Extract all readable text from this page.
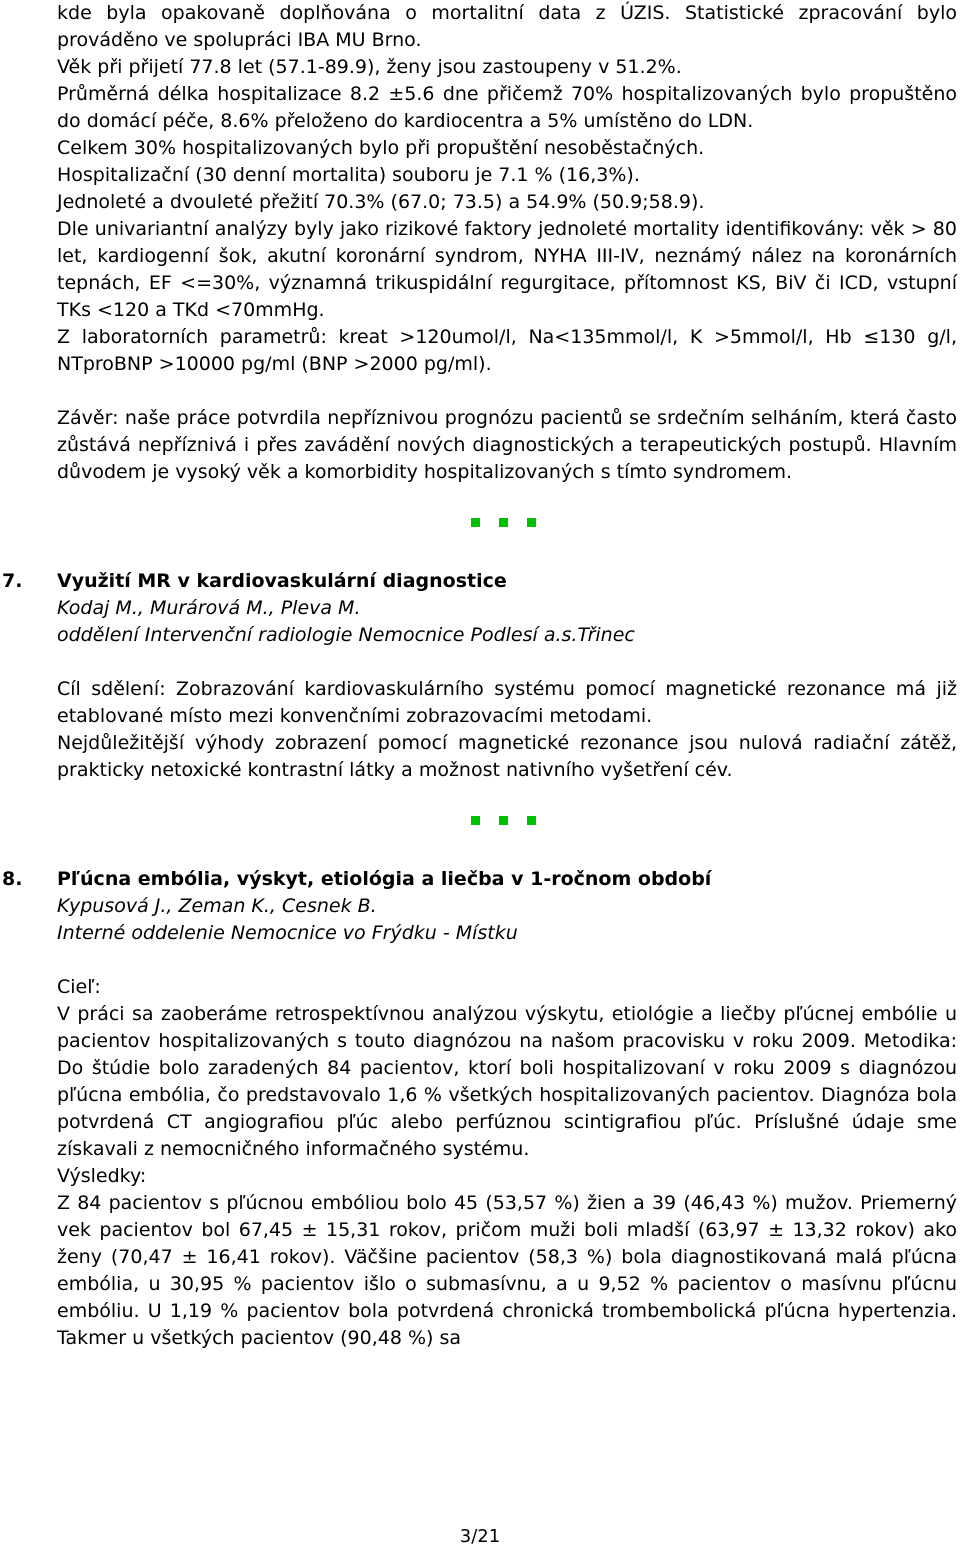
kde byla opakovaně doplňována o mortalitní data z ÚZIS. Statistické zpracování bylo prováděno ve spolupráci IBA MU Brno.

Věk při přijetí 77.8 let (57.1-89.9), ženy jsou zastoupeny v 51.2%.

Průměrná délka hospitalizace 8.2 ±5.6 dne přičemž 70% hospitalizovaných bylo propuštěno do domácí péče, 8.6% přeloženo do kardiocentra a 5% umístěno do LDN.

Celkem 30% hospitalizovaných bylo při propuštění nesoběstačných.

Hospitalizační (30 denní mortalita) souboru je 7.1 % (16,3%).

Jednoleté a dvouleté přežití 70.3% (67.0; 73.5) a 54.9% (50.9;58.9).

Dle univariantní analýzy byly jako rizikové faktory jednoleté mortality identifikovány: věk > 80 let, kardiogenní šok, akutní koronární syndrom, NYHA III-IV, neznámý nález na koronárních tepnách, EF <=30%, významná trikuspidální regurgitace, přítomnost KS, BiV či ICD, vstupní TKs <120 a TKd <70mmHg.

Z laboratorních parametrů: kreat >120umol/l, Na<135mmol/l, K >5mmol/l, Hb ≤130 g/l, NTproBNP >10000 pg/ml (BNP >2000 pg/ml).

Závěr: naše práce potvrdila nepříznivou prognózu pacientů se srdečním selháním, která často zůstává nepříznivá i přes zavádění nových diagnostických a terapeutických postupů. Hlavním důvodem je vysoký věk a komorbidity hospitalizovaných s tímto syndromem.

7.	Využití MR v kardiovaskulární diagnostice

Kodaj M., Murárová M., Pleva M.

oddělení Intervenční radiologie Nemocnice Podlesí a.s.Třinec

Cíl sdělení: Zobrazování kardiovaskulárního systému pomocí magnetické rezonance má již etablované místo mezi konvenčními zobrazovacími metodami.

Nejdůležitější výhody zobrazení pomocí magnetické rezonance jsou nulová radiační zátěž, prakticky netoxické kontrastní látky a možnost nativního vyšetření cév.

8.	Pľúcna embólia, výskyt, etiológia a liečba v 1-ročnom období

Kypusová J., Zeman K., Cesnek B.

Interné oddelenie Nemocnice vo Frýdku - Místku

Cieľ:

V práci sa zaoberáme retrospektívnou analýzou výskytu, etiológie a liečby pľúcnej embólie u pacientov hospitalizovaných s touto diagnózou na našom pracovisku v roku 2009. Metodika: Do štúdie bolo zaradených 84 pacientov, ktorí boli hospitalizovaní v roku 2009 s diagnózou pľúcna embólia, čo predstavovalo 1,6 % všetkých hospitalizovaných pacientov. Diagnóza bola potvrdená CT angiografiou pľúc alebo perfúznou scintigrafiou pľúc. Príslušné údaje sme získavali z nemocničného informačného systému.

Výsledky:

Z 84 pacientov s pľúcnou embóliou bolo 45 (53,57 %) žien a 39 (46,43 %) mužov. Priemerný vek pacientov bol 67,45 ± 15,31 rokov, pričom muži boli mladší (63,97 ± 13,32 rokov) ako ženy (70,47 ± 16,41 rokov). Väčšine pacientov (58,3 %) bola diagnostikovaná malá pľúcna embólia, u 30,95 % pacientov išlo o submasívnu, a u 9,52 % pacientov o masívnu pľúcnu embóliu. U 1,19 % pacientov bola potvrdená chronická trombembolická pľúcna hypertenzia. Takmer u všetkých pacientov (90,48 %) sa

3/21
